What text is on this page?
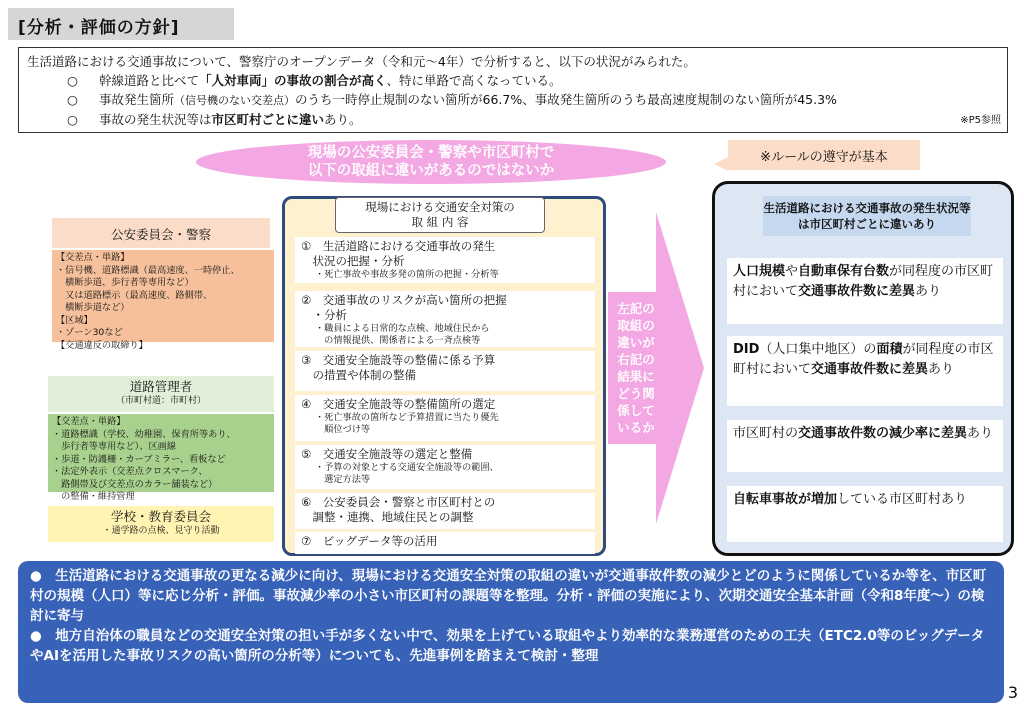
[分析・評価の方針]
生活道路における交通事故について、警察庁のオープンデータ（令和元～4年）で分析すると、以下の状況がみられた。
○ 幹線道路と比べて「人対車両」の事故の割合が高く、特に単路で高くなっている。
○ 事故発生箇所（信号機のない交差点）のうち一時停止規制のない箇所が66.7%、事故発生箇所のうち最高速度規制のない箇所が45.3%
○ 事故の発生状況等は市区町村ごとに違いあり。	※P5参照
現場の公安委員会・警察や市区町村で
以下の取組に違いがあるのではないか
※ルールの遵守が基本
公安委員会・警察
【交差点・単路】
・信号機、道路標識（最高速度、一時停止、
　横断歩道、歩行者等専用など）
　又は道路標示（最高速度、路側帯、
　横断歩道など）
【区域】
・ゾーン30など
【交通違反の取締り】
道路管理者
（市町村道：市町村）
【交差点・単路】
・道路標識（学校、幼稚園、保育所等あり、
　歩行者等専用など）、区画線
・歩道・防護柵・カーブミラー、看板など
・法定外表示（交差点クロスマーク、
　路側帯及び交差点のカラー舗装など）
　の整備・維持管理
学校・教育委員会
・通学路の点検、見守り活動
現場における交通安全対策の
取 組 内 容
①　生活道路における交通事故の発生
　状況の把握・分析
・死亡事故や事故多発の箇所の把握・分析等
②　交通事故のリスクが高い箇所の把握
　・分析
・職員による日常的な点検、地域住民から
　の情報提供、関係者による一斉点検等
③　交通安全施設等の整備に係る予算
　の措置や体制の整備
④　交通安全施設等の整備箇所の選定
・死亡事故の箇所など予算措置に当たり優先
　順位づけ等
⑤　交通安全施設等の選定と整備
・予算の対象とする交通安全施設等の範囲、
　選定方法等
⑥　公安委員会・警察と市区町村との
　調整・連携、地域住民との調整
⑦　ビッグデータ等の活用
左記の
取組の
違いが
右記の
結果に
どう関
係して
いるか
生活道路における交通事故の発生状況等は市区町村ごとに違いあり
人口規模や自動車保有台数が同程度の市区町村において交通事故件数に差異あり
DID（人口集中地区）の面積が同程度の市区町村において交通事故件数に差異あり
市区町村の交通事故件数の減少率に差異あり
自転車事故が増加している市区町村あり
●　 生活道路における交通事故の更なる減少に向け、現場における交通安全対策の取組の違いが交通事故件数の減少とどのように関係しているか等を、市区町村の規模（人口）等に応じ分析・評価。事故減少率の小さい市区町村の課題等を整理。分析・評価の実施により、次期交通安全基本計画（令和8年度～）の検討に寄与
●　 地方自治体の職員などの交通安全対策の担い手が多くない中で、効果を上げている取組やより効率的な業務運営のための工夫（ETC2.0等のビッグデータやAIを活用した事故リスクの高い箇所の分析等）についても、先進事例を踏まえて検討・整理
3
